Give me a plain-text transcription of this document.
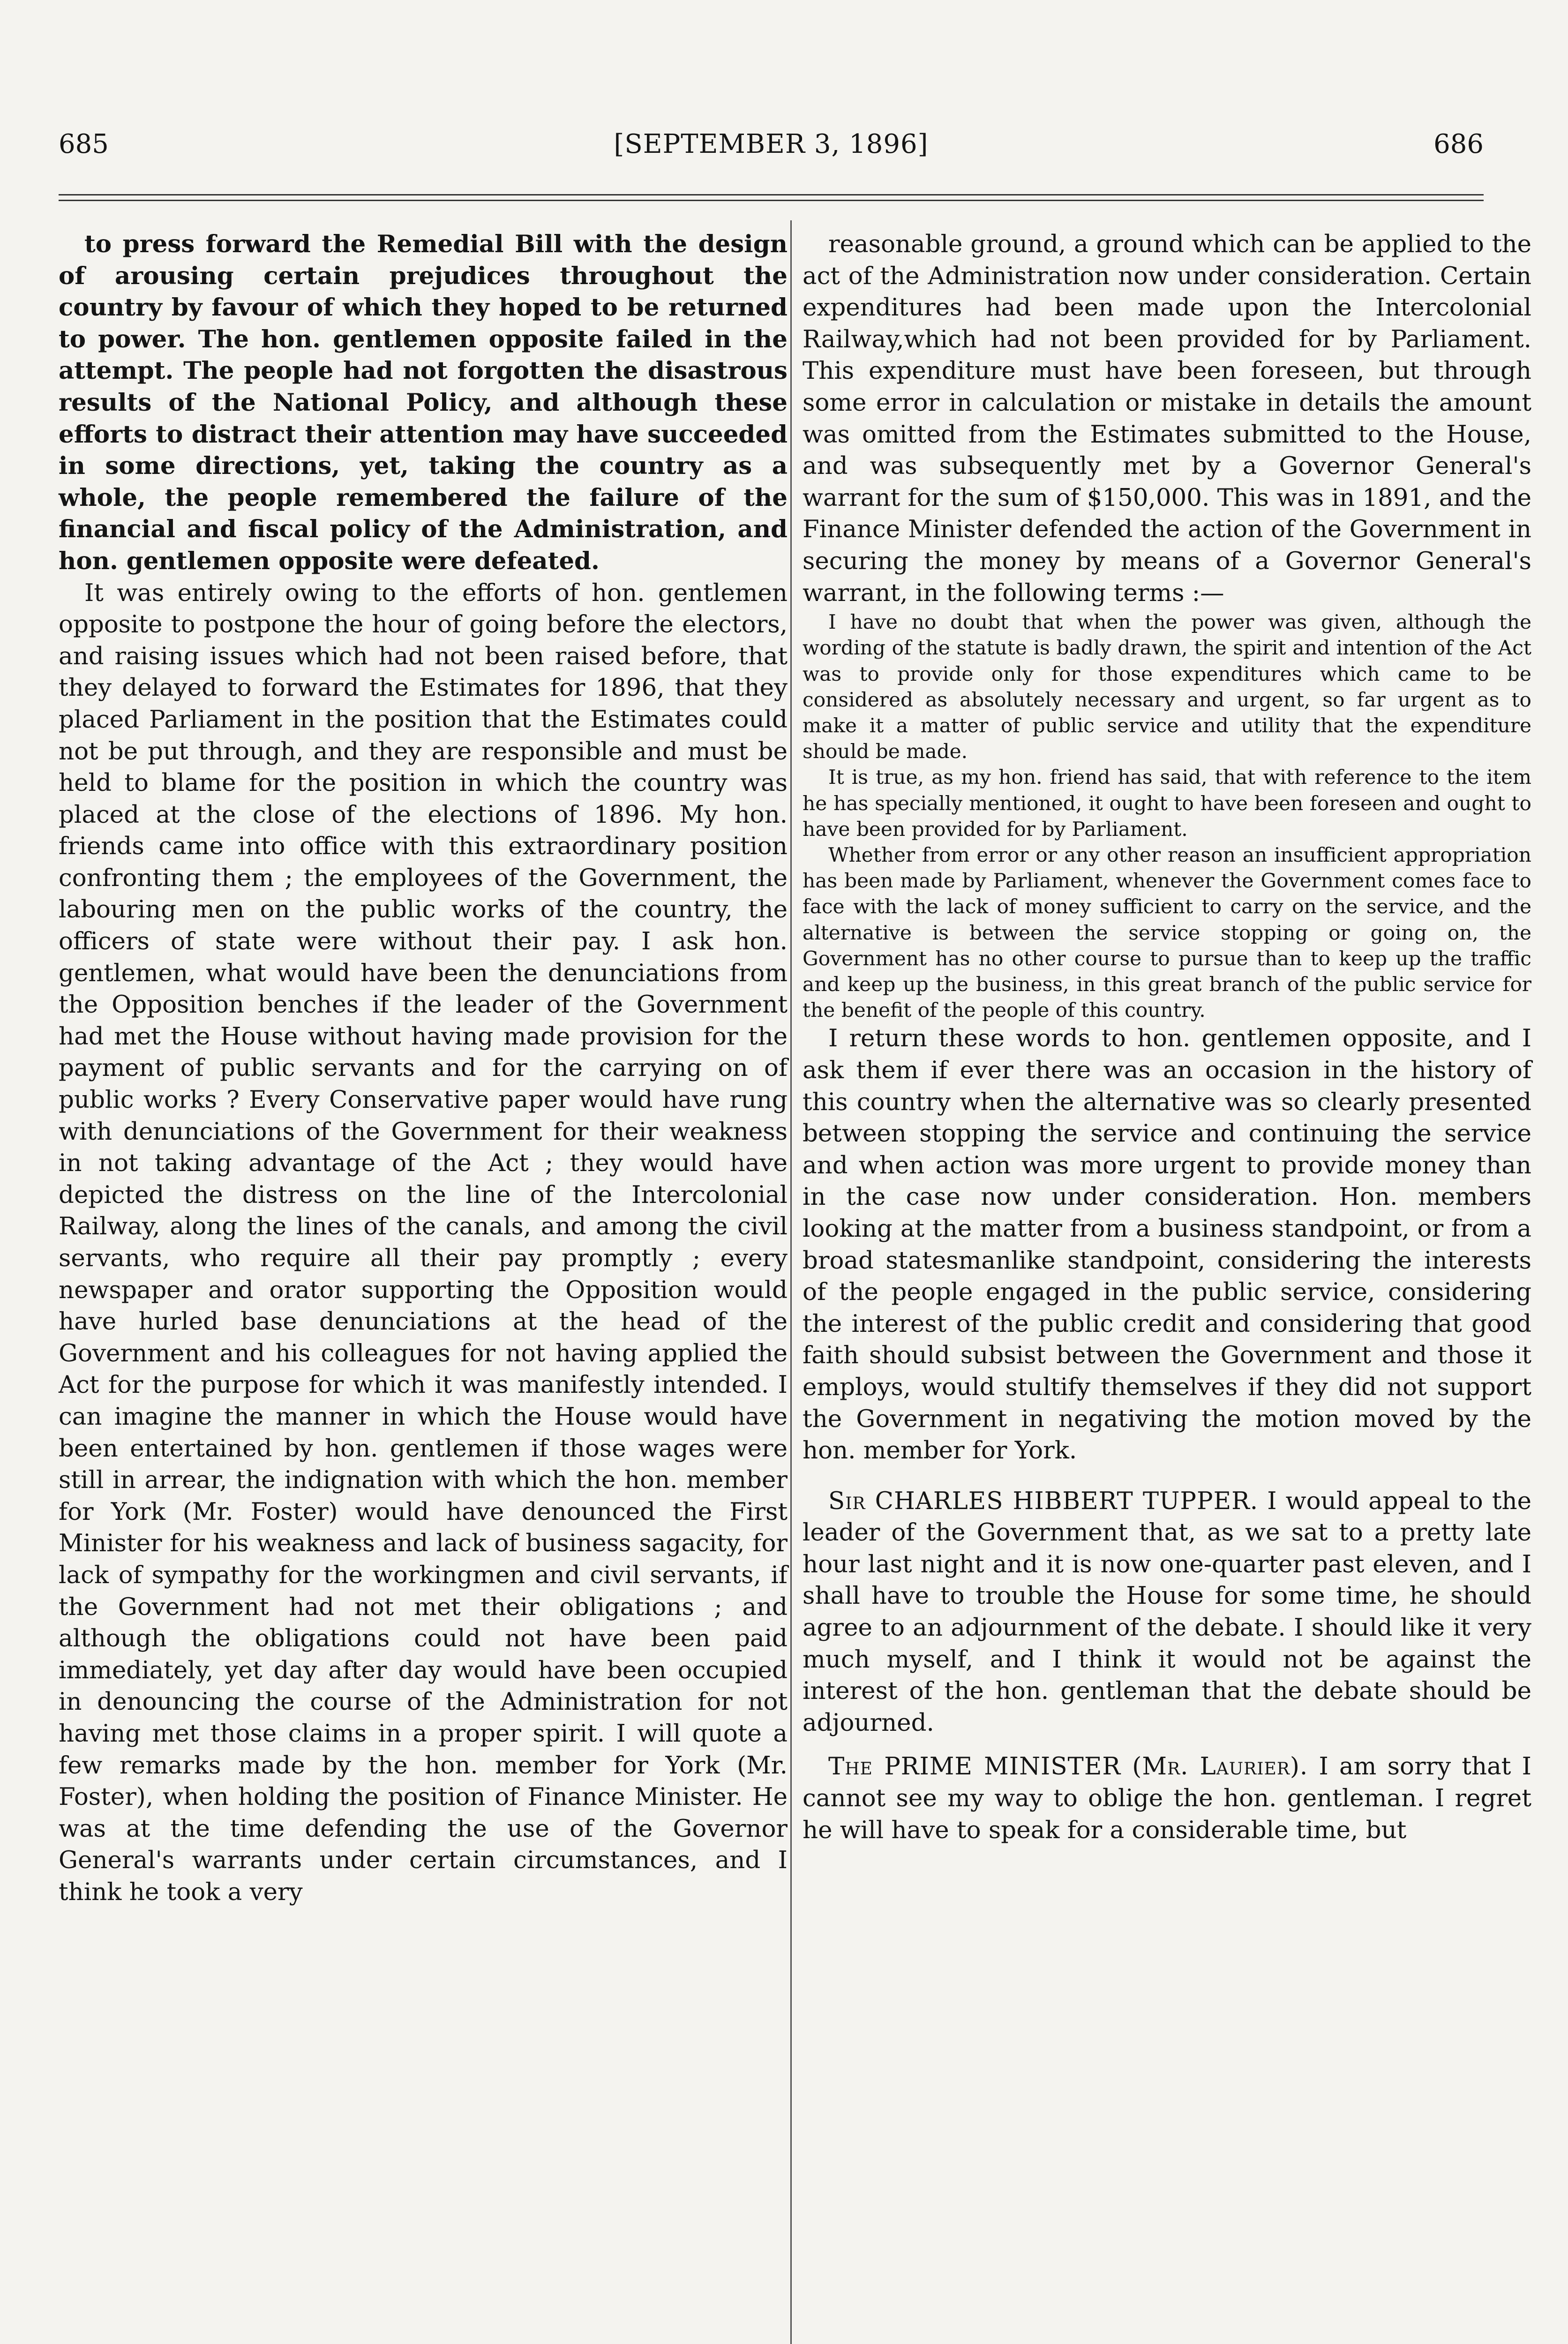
685	[SEPTEMBER 3, 1896]	686

to press forward the Remedial Bill with the design of arousing certain prejudices throughout the country by favour of which they hoped to be returned to power. The hon. gentlemen opposite failed in the attempt. The people had not forgotten the disastrous results of the National Policy, and although these efforts to distract their attention may have succeeded in some directions, yet, taking the country as a whole, the people remembered the failure of the financial and fiscal policy of the Administration, and hon. gentlemen opposite were defeated.

It was entirely owing to the efforts of hon. gentlemen opposite to postpone the hour of going before the electors, and raising issues which had not been raised before, that they delayed to forward the Estimates for 1896, that they placed Parliament in the position that the Estimates could not be put through, and they are responsible and must be held to blame for the position in which the country was placed at the close of the elections of 1896. My hon. friends came into office with this extraordinary position confronting them ; the employees of the Government, the labouring men on the public works of the country, the officers of state were without their pay. I ask hon. gentlemen, what would have been the denunciations from the Opposition benches if the leader of the Government had met the House without having made provision for the payment of public servants and for the carrying on of public works ? Every Conservative paper would have rung with denunciations of the Government for their weakness in not taking advantage of the Act ; they would have depicted the distress on the line of the Intercolonial Railway, along the lines of the canals, and among the civil servants, who require all their pay promptly ; every newspaper and orator supporting the Opposition would have hurled base denunciations at the head of the Government and his colleagues for not having applied the Act for the purpose for which it was manifestly intended. I can imagine the manner in which the House would have been entertained by hon. gentlemen if those wages were still in arrear, the indignation with which the hon. member for York (Mr. Foster) would have denounced the First Minister for his weakness and lack of business sagacity, for lack of sympathy for the workingmen and civil servants, if the Government had not met their obligations ; and although the obligations could not have been paid immediately, yet day after day would have been occupied in denouncing the course of the Administration for not having met those claims in a proper spirit. I will quote a few remarks made by the hon. member for York (Mr. Foster), when holding the position of Finance Minister. He was at the time defending the use of the Governor General's warrants under certain circumstances, and I think he took a very

reasonable ground, a ground which can be applied to the act of the Administration now under consideration. Certain expenditures had been made upon the Intercolonial Railway,which had not been provided for by Parliament. This expenditure must have been foreseen, but through some error in calculation or mistake in details the amount was omitted from the Estimates submitted to the House, and was subsequently met by a Governor General's warrant for the sum of $150,000. This was in 1891, and the Finance Minister defended the action of the Government in securing the money by means of a Governor General's warrant, in the following terms :—

I have no doubt that when the power was given, although the wording of the statute is badly drawn, the spirit and intention of the Act was to provide only for those expenditures which came to be considered as absolutely necessary and urgent, so far urgent as to make it a matter of public service and utility that the expenditure should be made.

It is true, as my hon. friend has said, that with reference to the item he has specially mentioned, it ought to have been foreseen and ought to have been provided for by Parliament.

Whether from error or any other reason an insufficient appropriation has been made by Parliament, whenever the Government comes face to face with the lack of money sufficient to carry on the service, and the alternative is between the service stopping or going on, the Government has no other course to pursue than to keep up the traffic and keep up the business, in this great branch of the public service for the benefit of the people of this country.

I return these words to hon. gentlemen opposite, and I ask them if ever there was an occasion in the history of this country when the alternative was so clearly presented between stopping the service and continuing the service and when action was more urgent to provide money than in the case now under consideration. Hon. members looking at the matter from a business standpoint, or from a broad statesmanlike standpoint, considering the interests of the people engaged in the public service, considering the interest of the public credit and considering that good faith should subsist between the Government and those it employs, would stultify themselves if they did not support the Government in negativing the motion moved by the hon. member for York.

Sir CHARLES HIBBERT TUPPER. I would appeal to the leader of the Government that, as we sat to a pretty late hour last night and it is now one-quarter past eleven, and I shall have to trouble the House for some time, he should agree to an adjournment of the debate. I should like it very much myself, and I think it would not be against the interest of the hon. gentleman that the debate should be adjourned.

The PRIME MINISTER (Mr. Laurier). I am sorry that I cannot see my way to oblige the hon. gentleman. I regret he will have to speak for a considerable time, but
